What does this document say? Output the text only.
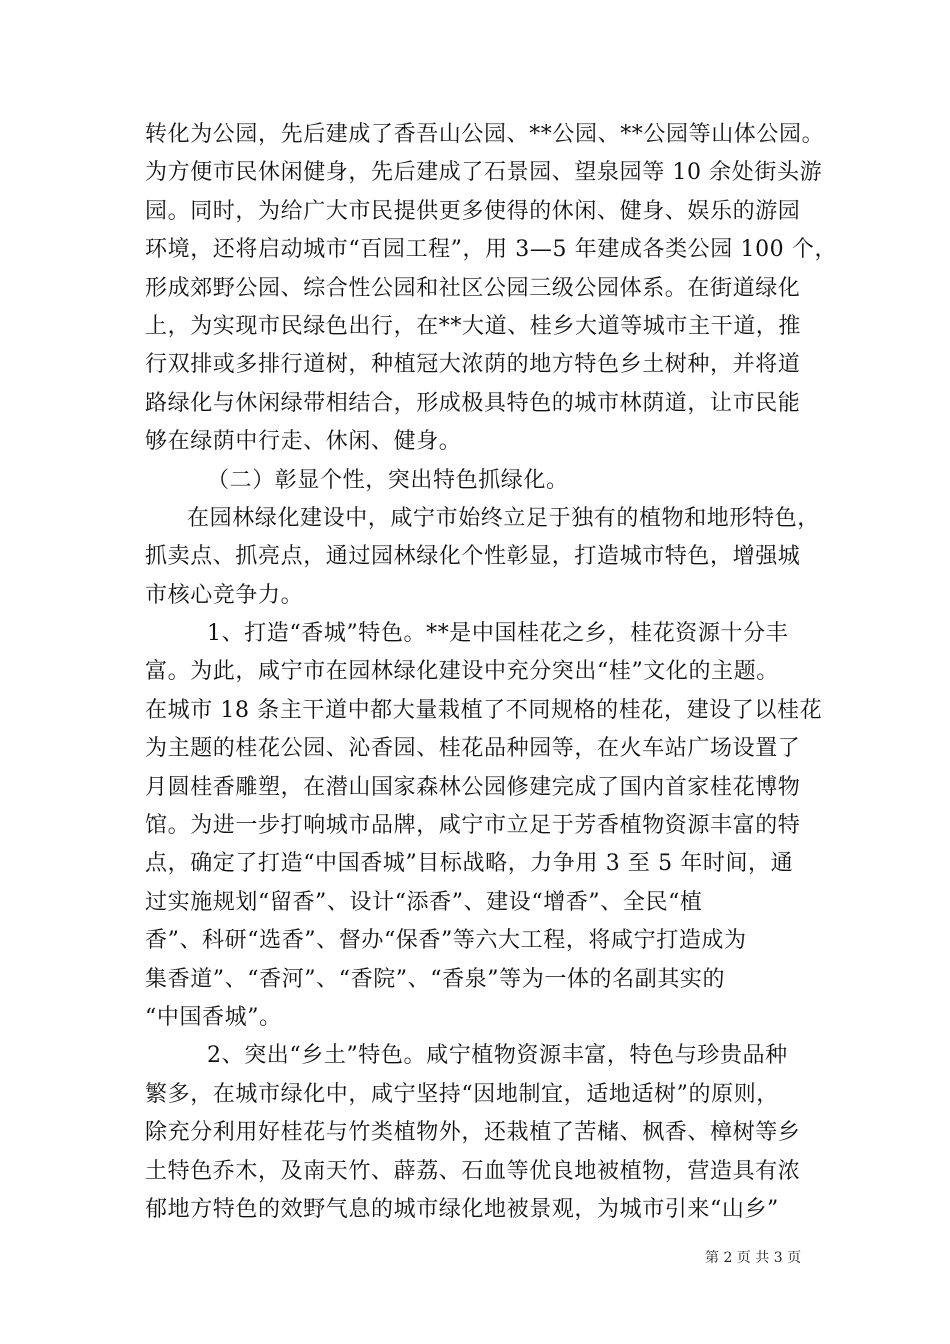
转化为公园，先后建成了香吾山公园、**公园、**公园等山体公园。
为方便市民休闲健身，先后建成了石景园、望泉园等 10 余处街头游
园。同时，为给广大市民提供更多使得的休闲、健身、娱乐的游园
环境，还将启动城市“百园工程”，用 3—5 年建成各类公园 100 个，
形成郊野公园、综合性公园和社区公园三级公园体系。在街道绿化
上，为实现市民绿色出行，在**大道、桂乡大道等城市主干道，推
行双排或多排行道树，种植冠大浓荫的地方特色乡土树种，并将道
路绿化与休闲绿带相结合，形成极具特色的城市林荫道，让市民能
够在绿荫中行走、休闲、健身。
（二）彰显个性，突出特色抓绿化。
在园林绿化建设中，咸宁市始终立足于独有的植物和地形特色，
抓卖点、抓亮点，通过园林绿化个性彰显，打造城市特色，增强城
市核心竞争力。
1、打造“香城”特色。**是中国桂花之乡，桂花资源十分丰
富。为此，咸宁市在园林绿化建设中充分突出“桂”文化的主题。
在城市 18 条主干道中都大量栽植了不同规格的桂花，建设了以桂花
为主题的桂花公园、沁香园、桂花品种园等，在火车站广场设置了
月圆桂香雕塑，在潜山国家森林公园修建完成了国内首家桂花博物
馆。为进一步打响城市品牌，咸宁市立足于芳香植物资源丰富的特
点，确定了打造“中国香城”目标战略，力争用 3 至 5 年时间，通
过实施规划“留香”、设计“添香”、建设“增香”、全民“植
香”、科研“选香”、督办“保香”等六大工程，将咸宁打造成为
集香道”、“香河”、“香院”、“香泉”等为一体的名副其实的
“中国香城”。
2、突出“乡土”特色。咸宁植物资源丰富，特色与珍贵品种
繁多，在城市绿化中，咸宁坚持“因地制宜，适地适树”的原则，
除充分利用好桂花与竹类植物外，还栽植了苦槠、枫香、樟树等乡
土特色乔木，及南天竹、薜荔、石血等优良地被植物，营造具有浓
郁地方特色的效野气息的城市绿化地被景观，为城市引来“山乡”
第 2 页 共 3 页
